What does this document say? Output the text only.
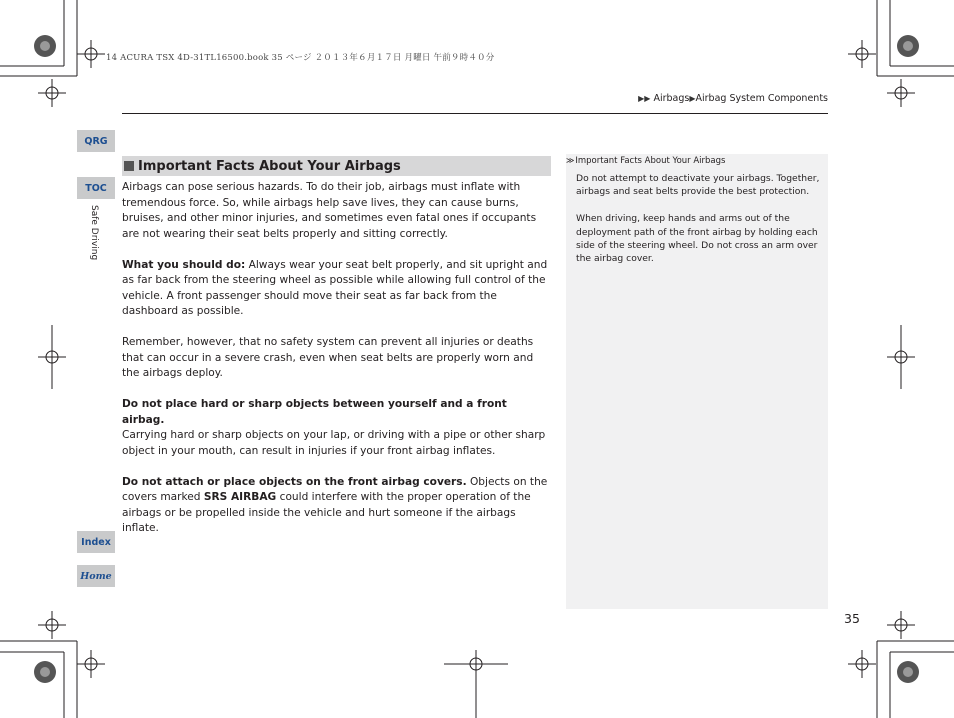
14 ACURA TSX 4D-31TL16500.book 35 ページ ２０１３年６月１７日 月曜日 午前９時４０分
▶▶ Airbags▶Airbag System Components
QRG
TOC
Safe Driving
Index
Home
Important Facts About Your Airbags

Airbags can pose serious hazards. To do their job, airbags must inflate with tremendous force. So, while airbags help save lives, they can cause burns, bruises, and other minor injuries, and sometimes even fatal ones if occupants are not wearing their seat belts properly and sitting correctly.

What you should do: Always wear your seat belt properly, and sit upright and as far back from the steering wheel as possible while allowing full control of the vehicle. A front passenger should move their seat as far back from the dashboard as possible.

Remember, however, that no safety system can prevent all injuries or deaths that can occur in a severe crash, even when seat belts are properly worn and the airbags deploy.

Do not place hard or sharp objects between yourself and a front airbag.
Carrying hard or sharp objects on your lap, or driving with a pipe or other sharp object in your mouth, can result in injuries if your front airbag inflates.

Do not attach or place objects on the front airbag covers. Objects on the covers marked SRS AIRBAG could interfere with the proper operation of the airbags or be propelled inside the vehicle and hurt someone if the airbags inflate.

≫Important Facts About Your Airbags

Do not attempt to deactivate your airbags. Together, airbags and seat belts provide the best protection.

When driving, keep hands and arms out of the deployment path of the front airbag by holding each side of the steering wheel. Do not cross an arm over the airbag cover.

35
